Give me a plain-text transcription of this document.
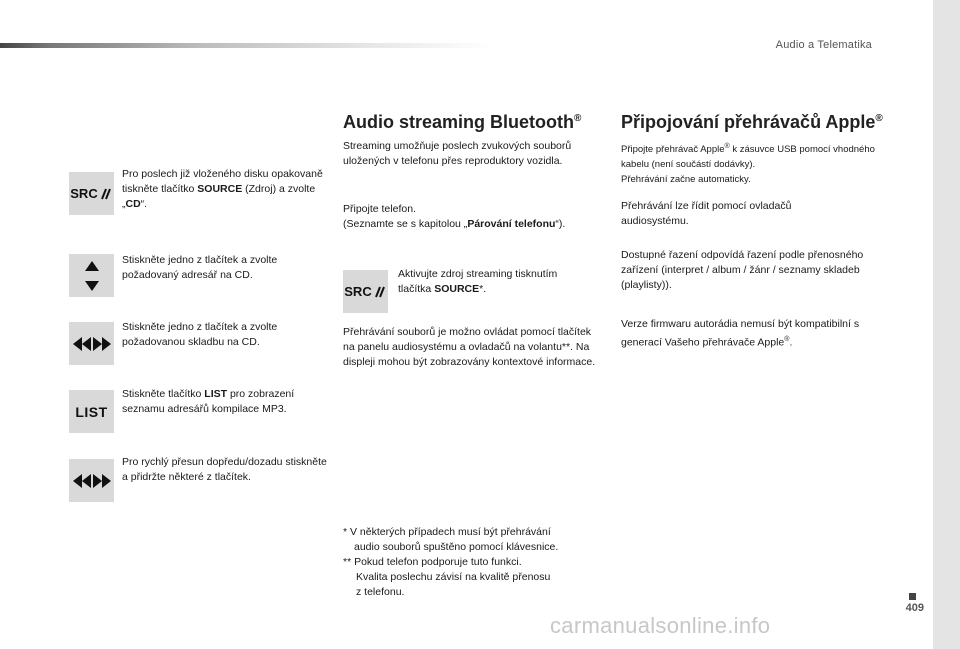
Audio a Telematika
409
carmanualsonline.info
SRC
Pro poslech již vloženého disku opakovaně tiskněte tlačítko SOURCE (Zdroj) a zvolte „CD“.
Stiskněte jedno z tlačítek a zvolte požadovaný adresář na CD.
Stiskněte jedno z tlačítek a zvolte požadovanou skladbu na CD.
LIST
Stiskněte tlačítko LIST pro zobrazení seznamu adresářů kompilace MP3.
Pro rychlý přesun dopředu/dozadu stiskněte a přidržte některé z tlačítek.
Audio streaming Bluetooth®

Streaming umožňuje poslech zvukových souborů uložených v telefonu přes reproduktory vozidla.

Připojte telefon.
(Seznamte se s kapitolou „Párování telefonu“).
SRC
Aktivujte zdroj streaming tisknutím tlačítka SOURCE*.

Přehrávání souborů je možno ovládat pomocí tlačítek na panelu audiosystému a ovladačů na volantu**. Na displeji mohou být zobrazovány kontextové informace.

* V některých případech musí být přehrávání
audio souborů spuštěno pomocí klávesnice.
** Pokud telefon podporuje tuto funkci.
Kvalita poslechu závisí na kvalitě přenosu
z telefonu.
Připojování přehrávačů Apple®
Připojte přehrávač Apple® k zásuvce USB pomocí vhodného kabelu (není součástí dodávky).
Přehrávání začne automaticky.

Přehrávání lze řídit pomocí ovladačů audiosystému.

Dostupné řazení odpovídá řazení podle přenosného zařízení (interpret / album / žánr / seznamy skladeb (playlisty)).

Verze firmwaru autorádia nemusí být kompatibilní s generací Vašeho přehrávače Apple®.
